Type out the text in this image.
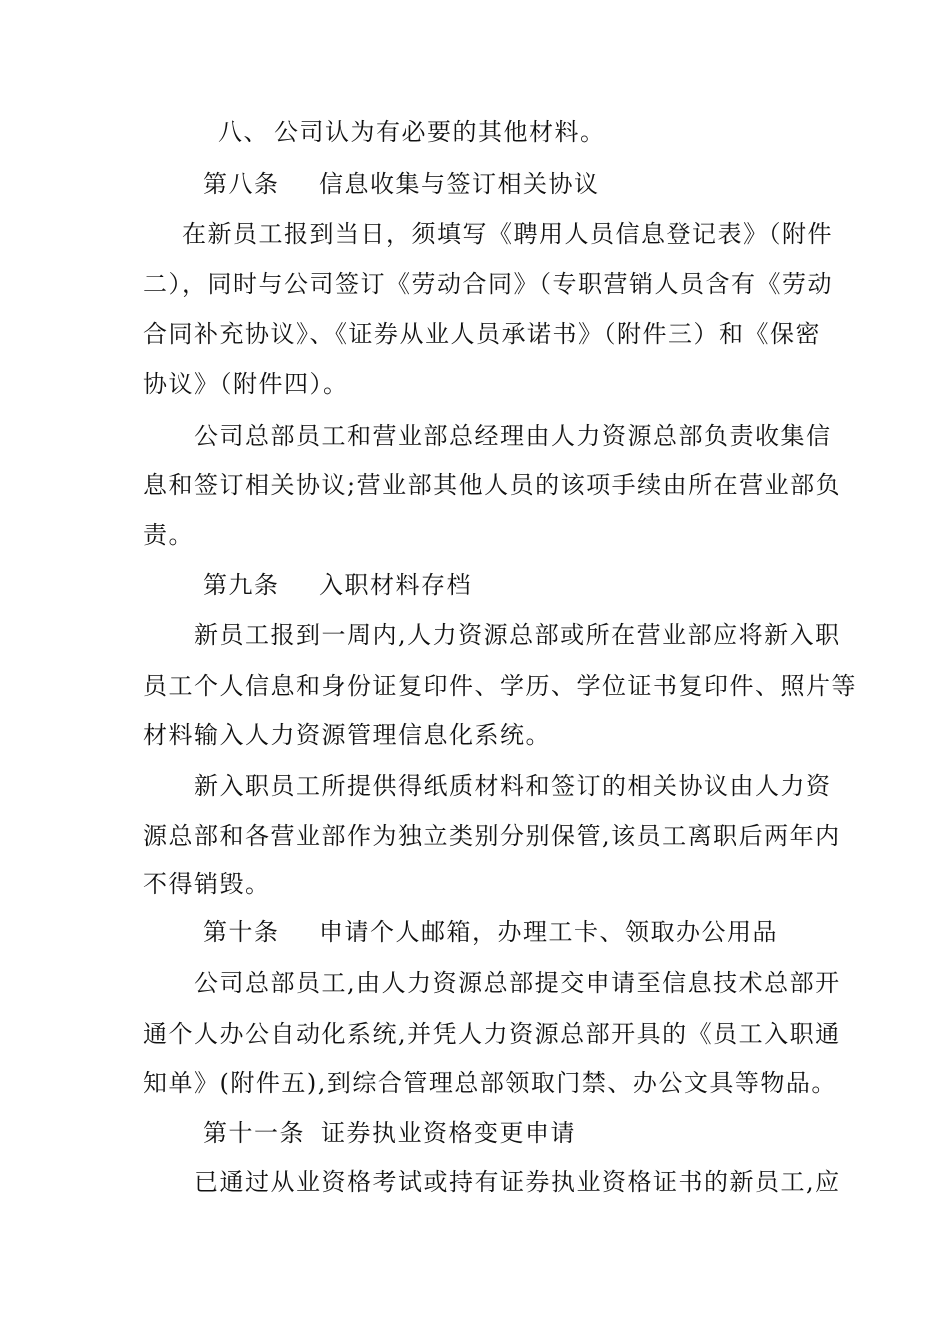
八、 公司认为有必要的其他材料。
第八条 信息收集与签订相关协议
在新员工报到当日，须填写《聘用人员信息登记表》（附件
二），同时与公司签订《劳动合同》（专职营销人员含有《劳动
合同补充协议》、《证券从业人员承诺书》（附件三）和《保密
协议》（附件四）。
公司总部员工和营业部总经理由人力资源总部负责收集信
息和签订相关协议;营业部其他人员的该项手续由所在营业部负
责。
第九条 入职材料存档
新员工报到一周内,人力资源总部或所在营业部应将新入职
员工个人信息和身份证复印件、学历、学位证书复印件、照片等
材料输入人力资源管理信息化系统。
新入职员工所提供得纸质材料和签订的相关协议由人力资
源总部和各营业部作为独立类别分别保管,该员工离职后两年内
不得销毁。
第十条 申请个人邮箱，办理工卡、领取办公用品
公司总部员工,由人力资源总部提交申请至信息技术总部开
通个人办公自动化系统,并凭人力资源总部开具的《员工入职通
知单》(附件五),到综合管理总部领取门禁、办公文具等物品。
第十一条 证券执业资格变更申请
已通过从业资格考试或持有证券执业资格证书的新员工,应
